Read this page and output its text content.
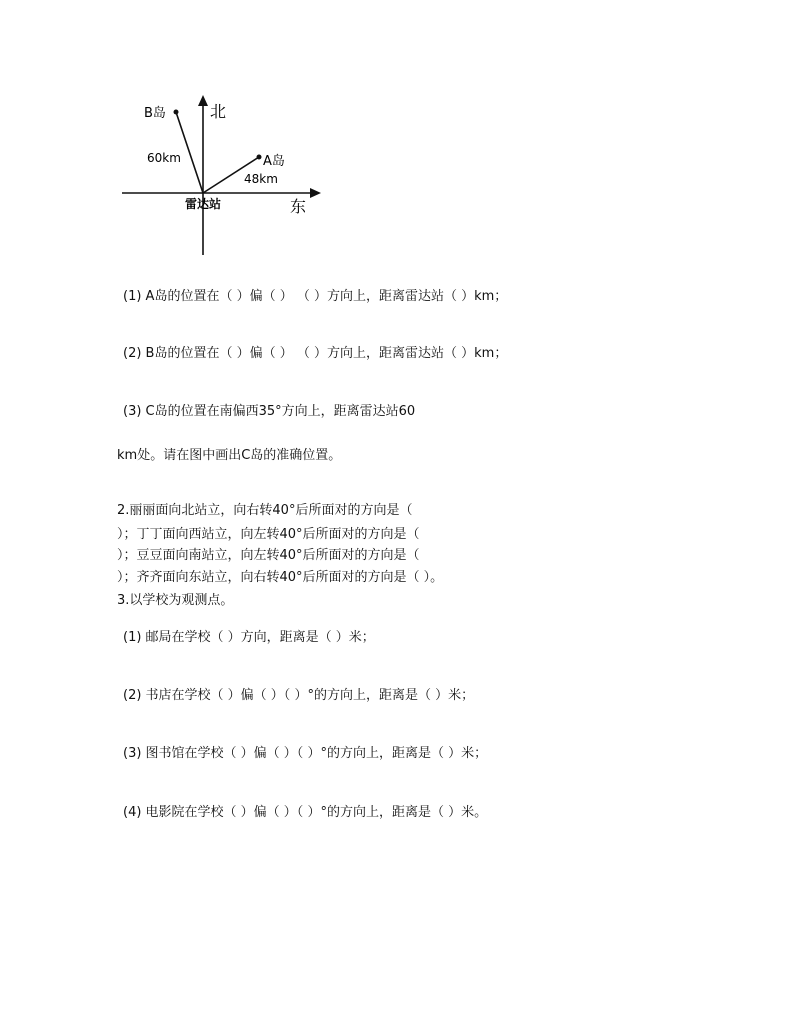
北
东
雷达站
B岛
60km	A岛
48km
(1) A岛的位置在（ ）偏（ ） （ ）方向上，距离雷达站（ ）km；
(2) B岛的位置在（ ）偏（ ） （ ）方向上，距离雷达站（ ）km；
(3) C岛的位置在南偏西35°方向上，距离雷达站60
km处。请在图中画出C岛的准确位置。
2.丽丽面向北站立，向右转40°后所面对的方向是（
）；丁丁面向西站立，向左转40°后所面对的方向是（
）；豆豆面向南站立，向左转40°后所面对的方向是（
）；齐齐面向东站立，向右转40°后所面对的方向是（ ）。
3.以学校为观测点。
(1) 邮局在学校（ ）方向，距离是（ ）米；
(2) 书店在学校（ ）偏（ ）（ ）°的方向上，距离是（ ）米；
(3) 图书馆在学校（ ）偏（ ）（ ）°的方向上，距离是（ ）米；
(4) 电影院在学校（ ）偏（ ）（ ）°的方向上，距离是（ ）米。
